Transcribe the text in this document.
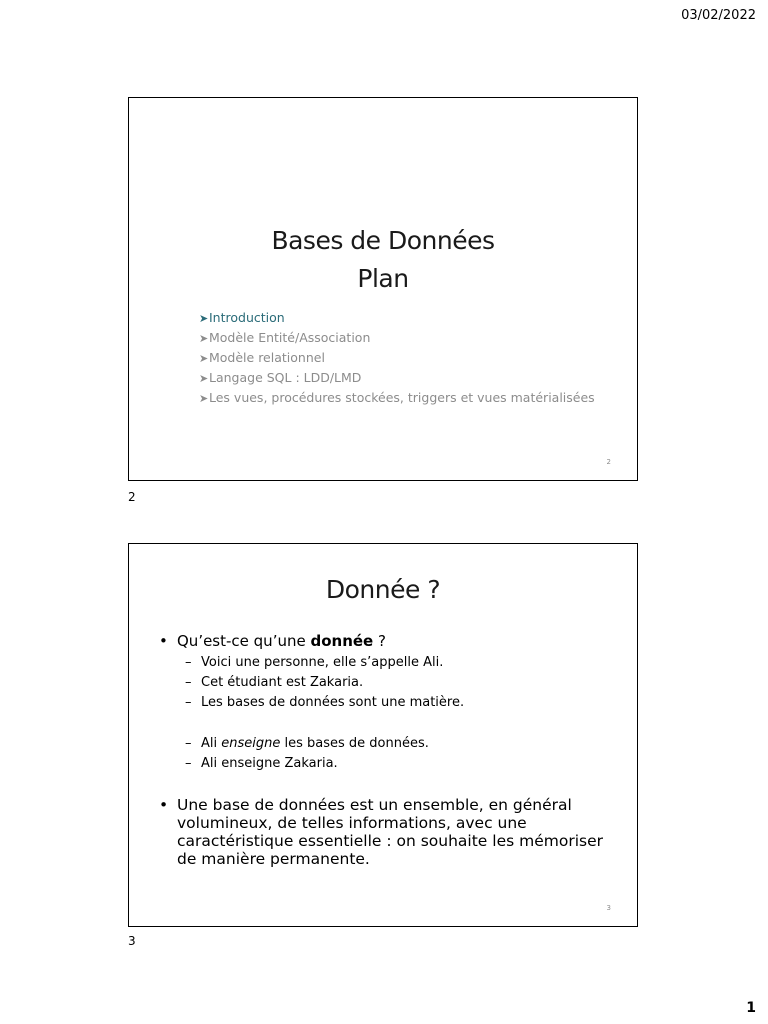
03/02/2022
Bases de Données
Plan
➤Introduction
➤Modèle Entité/Association
➤Modèle relationnel
➤Langage SQL : LDD/LMD
➤Les vues, procédures stockées, triggers et vues matérialisées
2
2
Donnée ?
• Qu’est-ce qu’une donnée ?
– Voici une personne, elle s’appelle Ali.
– Cet étudiant est Zakaria.
– Les bases de données sont une matière.
– Ali enseigne les bases de données.
– Ali enseigne Zakaria.
• Une base de données est un ensemble, en général volumineux, de telles informations, avec une caractéristique essentielle : on souhaite les mémoriser de manière permanente.
3
3
1
